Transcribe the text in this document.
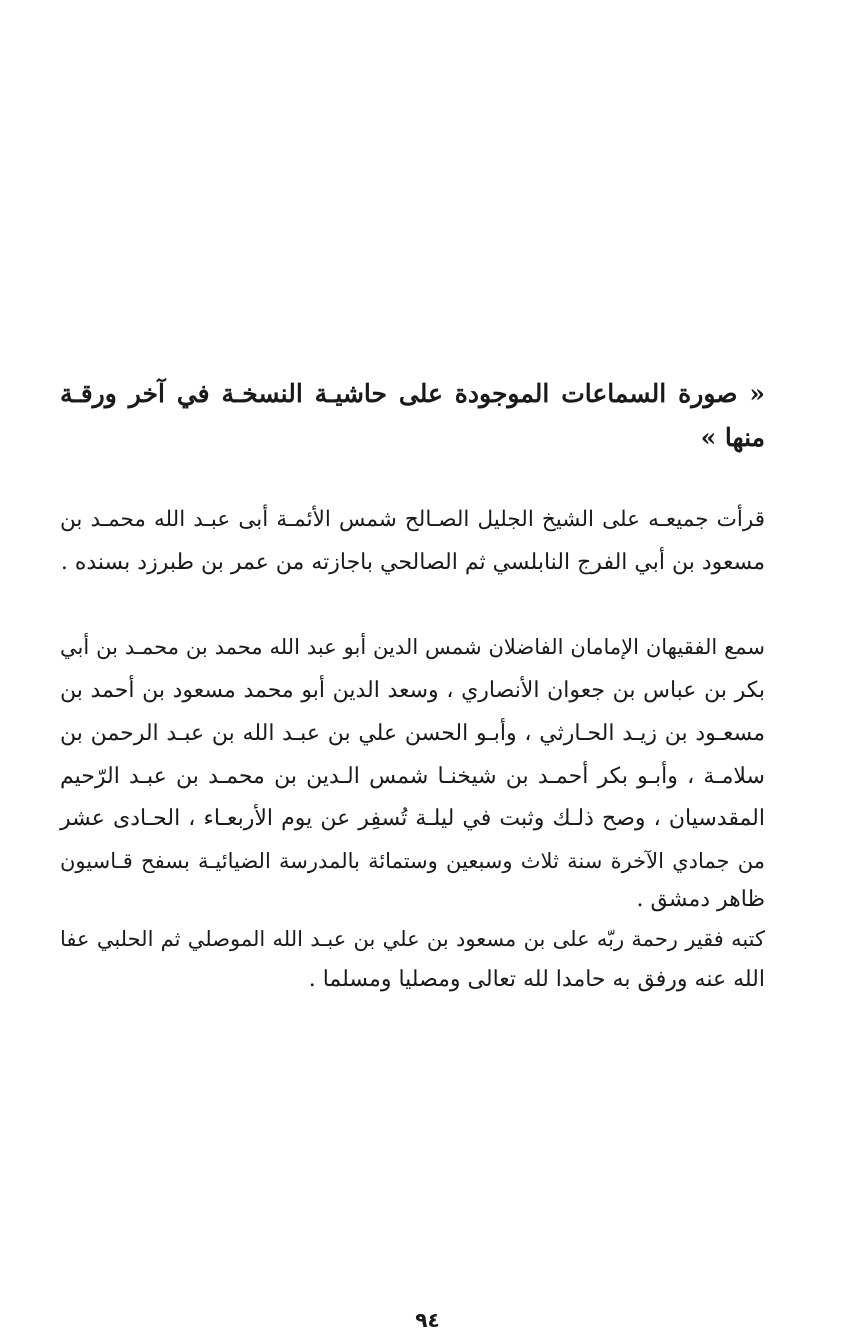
« صورة السماعات الموجودة على حاشيـة النسخـة في آخر ورقـة
منها »
قرأت جميعـه على الشيخ الجليل الصـالح شمس الأئمـة أبى عبـد الله محمـد بن
مسعود بن أبي الفرج النابلسي ثم الصالحي باجازته من عمر بن طبرزد بسنده .
سمع الفقيهان الإمامان الفاضلان شمس الدين أبو عبد الله محمد بن محمـد بن أبي
بكر بن عباس بن جعوان الأنصاري ، وسعد الدين أبو محمد مسعود بن أحمد بن
مسعـود بن زيـد الحـارثي ، وأبـو الحسن علي بن عبـد الله بن عبـد الرحمن بن
سلامـة ، وأبـو بكر أحمـد بن شيخنـا شمس الـدين بن محمـد بن عبـد الرّحيم
المقدسيان ، وصح ذلـك وثبت في ليلـة تُسفِر عن يوم الأربعـاء ، الحـادى عشر
من جمادي الآخرة سنة ثلاث وسبعين وستمائة بالمدرسة الضيائيـة بسفح قـاسيون
ظاهر دمشق .
كتبه فقير رحمة ربّه على بن مسعود بن علي بن عبـد الله الموصلي ثم الحلبي عفا
الله عنه ورفق به حامدا لله تعالى ومصليا ومسلما .
٩٤
